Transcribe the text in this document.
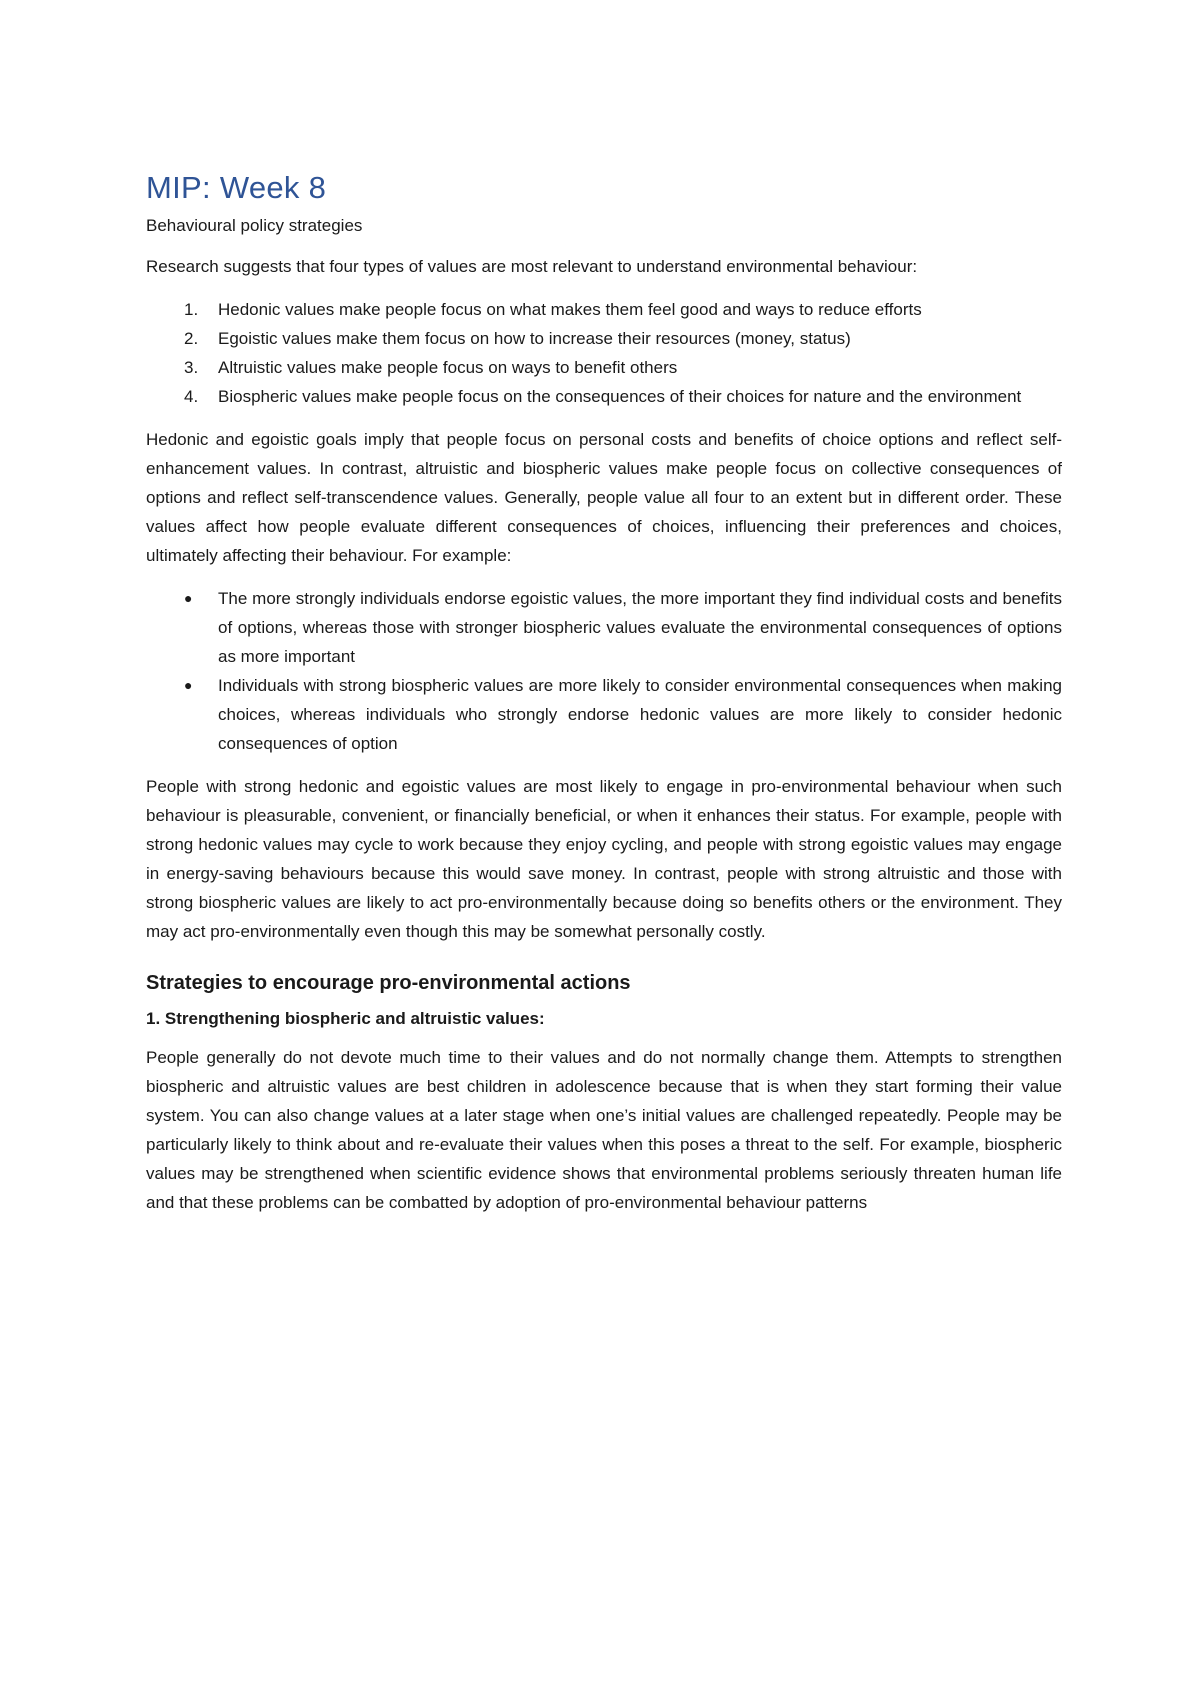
MIP: Week 8
Behavioural policy strategies

Research suggests that four types of values are most relevant to understand environmental behaviour:

1. Hedonic values make people focus on what makes them feel good and ways to reduce efforts
2. Egoistic values make them focus on how to increase their resources (money, status)
3. Altruistic values make people focus on ways to benefit others
4. Biospheric values make people focus on the consequences of their choices for nature and the environment

Hedonic and egoistic goals imply that people focus on personal costs and benefits of choice options and reflect self-enhancement values. In contrast, altruistic and biospheric values make people focus on collective consequences of options and reflect self-transcendence values. Generally, people value all four to an extent but in different order. These values affect how people evaluate different consequences of choices, influencing their preferences and choices, ultimately affecting their behaviour. For example:

● The more strongly individuals endorse egoistic values, the more important they find individual costs and benefits of options, whereas those with stronger biospheric values evaluate the environmental consequences of options as more important
● Individuals with strong biospheric values are more likely to consider environmental consequences when making choices, whereas individuals who strongly endorse hedonic values are more likely to consider hedonic consequences of option

People with strong hedonic and egoistic values are most likely to engage in pro-environmental behaviour when such behaviour is pleasurable, convenient, or financially beneficial, or when it enhances their status. For example, people with strong hedonic values may cycle to work because they enjoy cycling, and people with strong egoistic values may engage in energy-saving behaviours because this would save money. In contrast, people with strong altruistic and those with strong biospheric values are likely to act pro-environmentally because doing so benefits others or the environment. They may act pro-environmentally even though this may be somewhat personally costly.

Strategies to encourage pro-environmental actions
1. Strengthening biospheric and altruistic values:

People generally do not devote much time to their values and do not normally change them. Attempts to strengthen biospheric and altruistic values are best children in adolescence because that is when they start forming their value system. You can also change values at a later stage when one’s initial values are challenged repeatedly. People may be particularly likely to think about and re-evaluate their values when this poses a threat to the self. For example, biospheric values may be strengthened when scientific evidence shows that environmental problems seriously threaten human life and that these problems can be combatted by adoption of pro-environmental behaviour patterns
